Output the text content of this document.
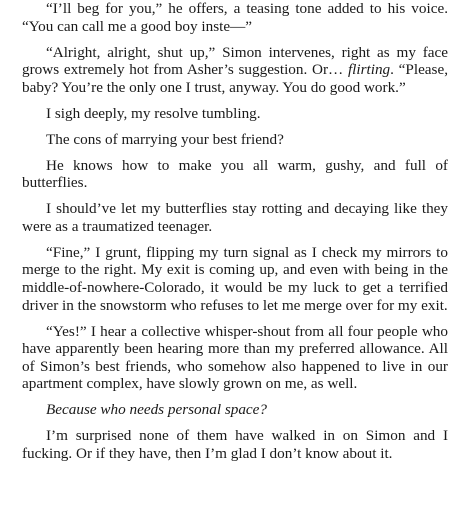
“I’ll beg for you,” he offers, a teasing tone added to his voice. “You can call me a good boy inste—”

“Alright, alright, shut up,” Simon intervenes, right as my face grows extremely hot from Asher’s suggestion. Or… flirting. “Please, baby? You’re the only one I trust, anyway. You do good work.”

I sigh deeply, my resolve tumbling.

The cons of marrying your best friend?

He knows how to make you all warm, gushy, and full of butterflies.

I should’ve let my butterflies stay rotting and decaying like they were as a traumatized teenager.

“Fine,” I grunt, flipping my turn signal as I check my mirrors to merge to the right. My exit is coming up, and even with being in the middle-of-nowhere-Colorado, it would be my luck to get a terrified driver in the snowstorm who refuses to let me merge over for my exit.

“Yes!” I hear a collective whisper-shout from all four people who have apparently been hearing more than my preferred allowance. All of Simon’s best friends, who somehow also happened to live in our apartment complex, have slowly grown on me, as well.

Because who needs personal space?

I’m surprised none of them have walked in on Simon and I fucking. Or if they have, then I’m glad I don’t know about it.
